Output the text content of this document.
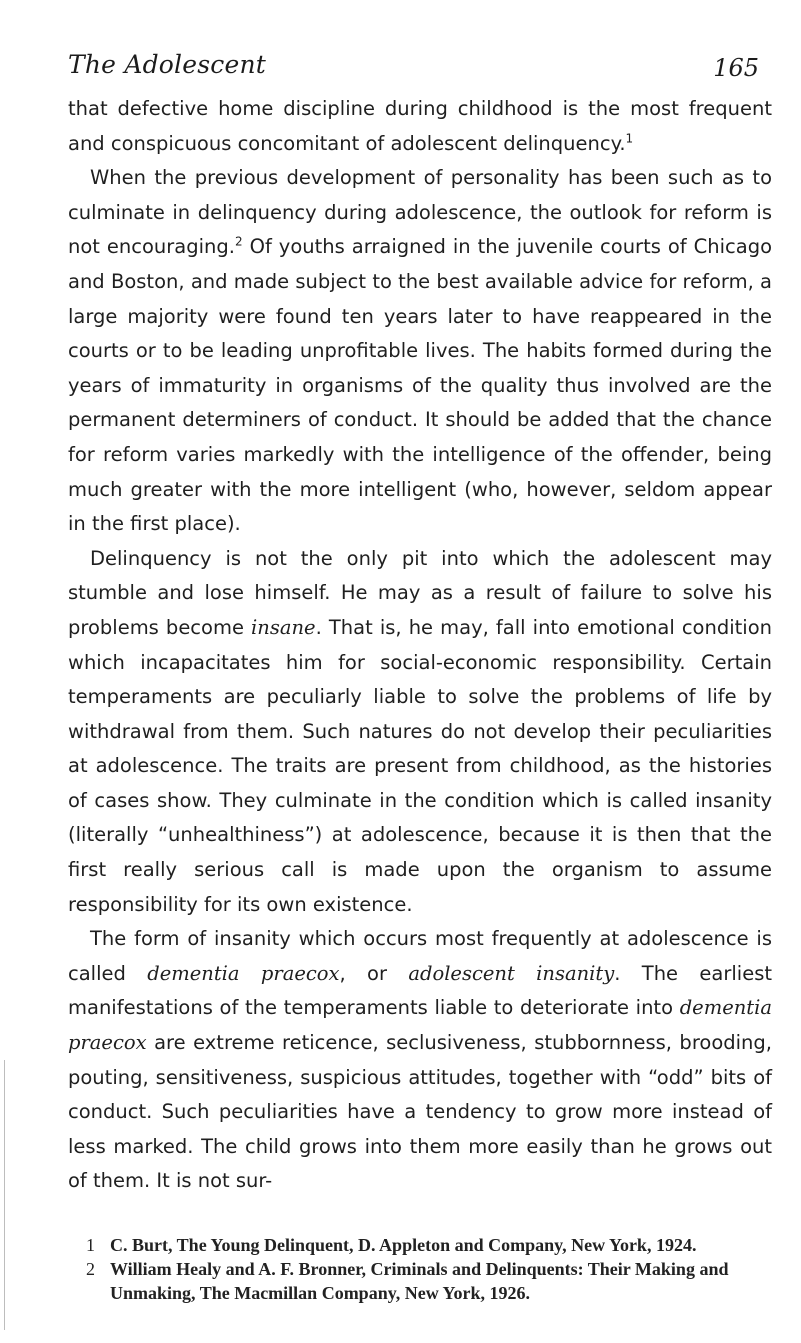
The Adolescent	165

that defective home discipline during childhood is the most frequent and conspicuous concomitant of adolescent delinquency.$^1$

When the previous development of personality has been such as to culminate in delinquency during adolescence, the outlook for reform is not encouraging.$^2$ Of youths arraigned in the juvenile courts of Chicago and Boston, and made subject to the best available advice for reform, a large majority were found ten years later to have reappeared in the courts or to be leading unprofitable lives. The habits formed during the years of immaturity in organisms of the quality thus involved are the permanent determiners of conduct. It should be added that the chance for reform varies markedly with the intelligence of the offender, being much greater with the more intelligent (who, however, seldom appear in the first place).

Delinquency is not the only pit into which the adolescent may stumble and lose himself. He may as a result of failure to solve his problems become insane. That is, he may, fall into emotional condition which incapacitates him for social-economic responsibility. Certain temperaments are peculiarly liable to solve the problems of life by withdrawal from them. Such natures do not develop their peculiarities at adolescence. The traits are present from childhood, as the histories of cases show. They culminate in the condition which is called insanity (literally “unhealthiness”) at adolescence, because it is then that the first really serious call is made upon the organism to assume responsibility for its own existence.

The form of insanity which occurs most frequently at adolescence is called dementia praecox, or adolescent insanity. The earliest manifestations of the temperaments liable to deteriorate into dementia praecox are extreme reticence, seclusiveness, stubbornness, brooding, pouting, sensitiveness, suspicious attitudes, together with “odd” bits of conduct. Such peculiarities have a tendency to grow more instead of less marked. The child grows into them more easily than he grows out of them. It is not sur-

1 C. Burt, The Young Delinquent, D. Appleton and Company, New York, 1924.
2 William Healy and A. F. Bronner, Criminals and Delinquents: Their Making and Unmaking, The Macmillan Company, New York, 1926.
